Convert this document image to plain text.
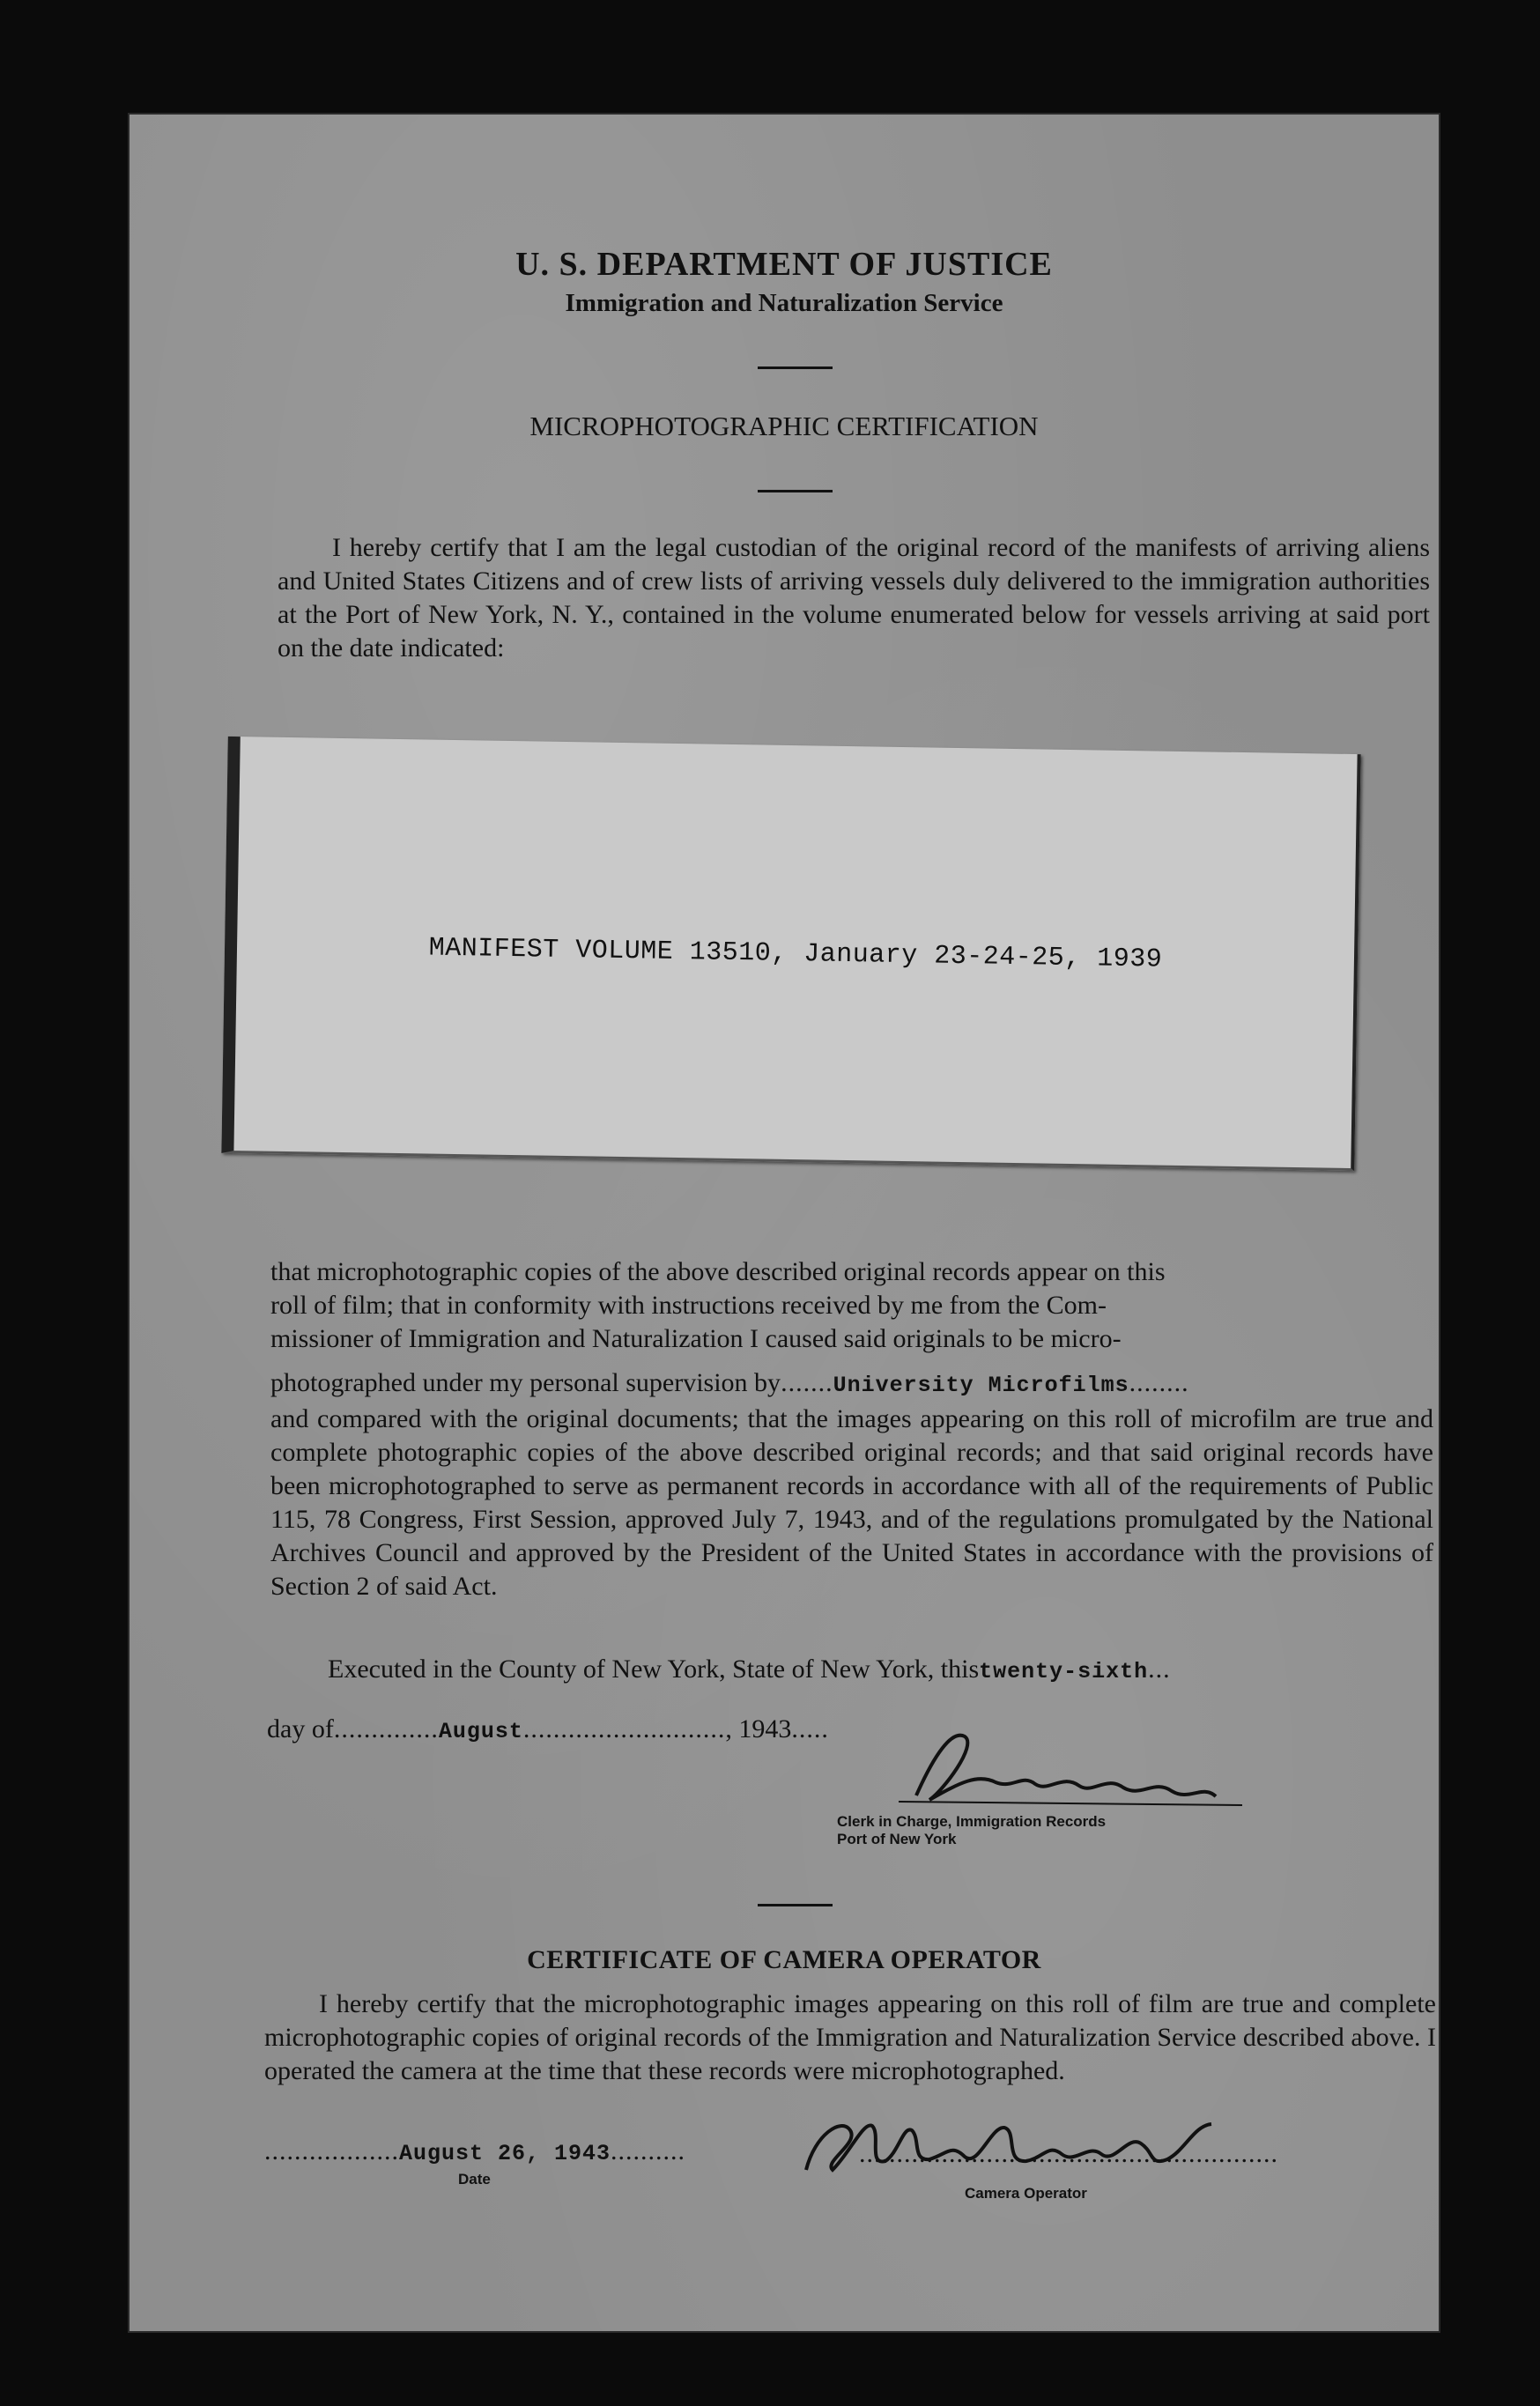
U. S. DEPARTMENT OF JUSTICE
Immigration and Naturalization Service
MICROPHOTOGRAPHIC CERTIFICATION
I hereby certify that I am the legal custodian of the original record of the manifests of arriving aliens and United States Citizens and of crew lists of arriving vessels duly delivered to the immigration authorities at the Port of New York, N. Y., contained in the volume enumerated below for vessels arriving at said port on the date indicated:
MANIFEST VOLUME 13510, January 23-24-25, 1939
that microphotographic copies of the above described original records appear on this
roll of film; that in conformity with instructions received by me from the Com-
missioner of Immigration and Naturalization I caused said originals to be micro-
photographed under my personal supervision by.......University Microfilms........
and compared with the original documents; that the images appearing on this roll of microfilm are true and complete photographic copies of the above described original records; and that said original records have been microphotographed to serve as permanent records in accordance with all of the requirements of Public 115, 78 Congress, First Session, approved July 7, 1943, and of the regulations promulgated by the National Archives Council and approved by the President of the United States in accordance with the provisions of Section 2 of said Act.
Executed in the County of New York, State of New York, thistwenty-sixth...
day of..............August..........................., 1943.....
Clerk in Charge, Immigration Records
Port of New York
CERTIFICATE OF CAMERA OPERATOR
I hereby certify that the microphotographic images appearing on this roll of film are true and complete microphotographic copies of original records of the Immigration and Naturalization Service described above. I operated the camera at the time that these records were microphotographed.
..................August 26, 1943..........
Date
........................................................
Camera Operator
